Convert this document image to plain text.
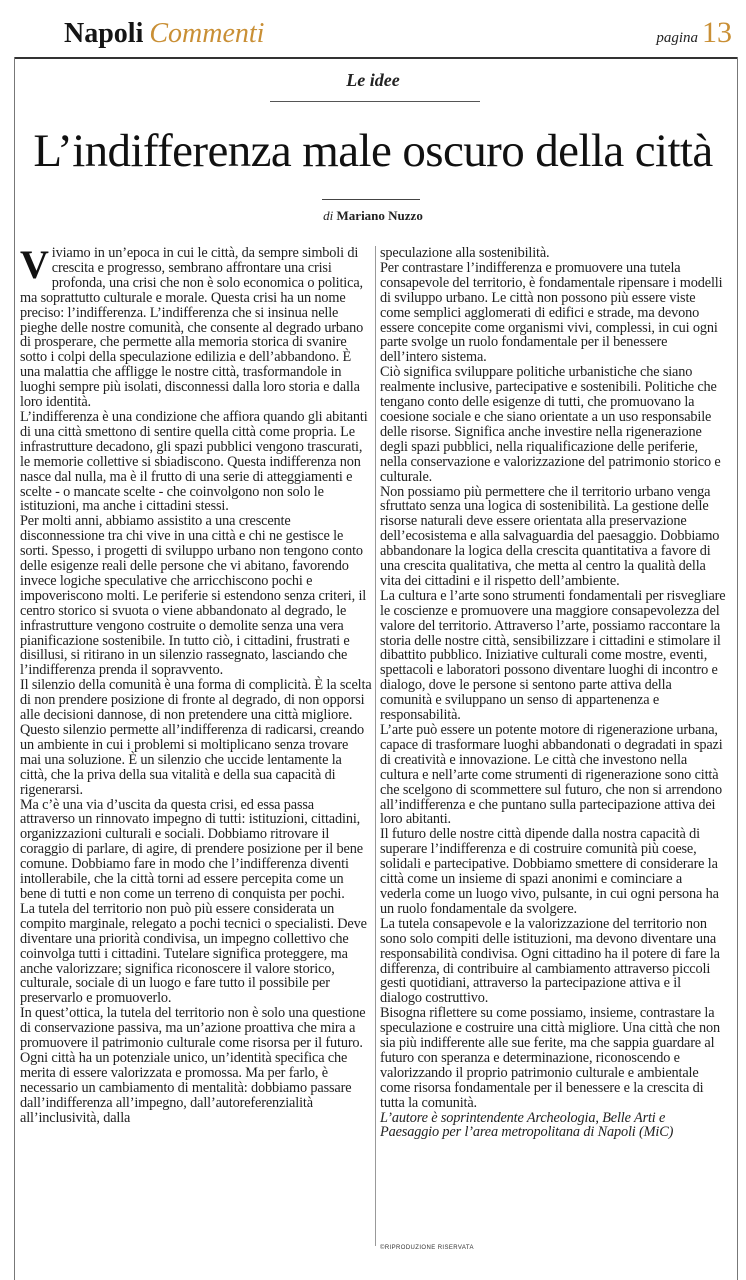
Napoli Commenti	pagina 13
Le idee
L’indifferenza male oscuro della città
di Mariano Nuzzo
V iviamo in un’epoca in cui le città, da sempre simboli di crescita e progresso, sembrano affrontare una crisi profonda, una crisi che non è solo economica o politica, ma soprattutto culturale e morale. Questa crisi ha un nome preciso: l’indifferenza. L’indifferenza che si insinua nelle pieghe delle nostre comunità, che consente al degrado urbano di prosperare, che permette alla memoria storica di svanire sotto i colpi della speculazione edilizia e dell’abbandono. È una malattia che affligge le nostre città, trasformandole in luoghi sempre più isolati, disconnessi dalla loro storia e dalla loro identità.

L’indifferenza è una condizione che affiora quando gli abitanti di una città smettono di sentire quella città come propria. Le infrastrutture decadono, gli spazi pubblici vengono trascurati, le memorie collettive si sbiadiscono. Questa indifferenza non nasce dal nulla, ma è il frutto di una serie di atteggiamenti e scelte - o mancate scelte - che coinvolgono non solo le istituzioni, ma anche i cittadini stessi.

Per molti anni, abbiamo assistito a una crescente disconnessione tra chi vive in una città e chi ne gestisce le sorti. Spesso, i progetti di sviluppo urbano non tengono conto delle esigenze reali delle persone che vi abitano, favorendo invece logiche speculative che arricchiscono pochi e impoveriscono molti. Le periferie si estendono senza criteri, il centro storico si svuota o viene abbandonato al degrado, le infrastrutture vengono costruite o demolite senza una vera pianificazione sostenibile. In tutto ciò, i cittadini, frustrati e disillusi, si ritirano in un silenzio rassegnato, lasciando che l’indifferenza prenda il sopravvento.

Il silenzio della comunità è una forma di complicità. È la scelta di non prendere posizione di fronte al degrado, di non opporsi alle decisioni dannose, di non pretendere una città migliore. Questo silenzio permette all’indifferenza di radicarsi, creando un ambiente in cui i problemi si moltiplicano senza trovare mai una soluzione. È un silenzio che uccide lentamente la città, che la priva della sua vitalità e della sua capacità di rigenerarsi.

Ma c’è una via d’uscita da questa crisi, ed essa passa attraverso un rinnovato impegno di tutti: istituzioni, cittadini, organizzazioni culturali e sociali. Dobbiamo ritrovare il coraggio di parlare, di agire, di prendere posizione per il bene comune. Dobbiamo fare in modo che l’indifferenza diventi intollerabile, che la città torni ad essere percepita come un bene di tutti e non come un terreno di conquista per pochi.

La tutela del territorio non può più essere considerata un compito marginale, relegato a pochi tecnici o specialisti. Deve diventare una priorità condivisa, un impegno collettivo che coinvolga tutti i cittadini. Tutelare significa proteggere, ma anche valorizzare; significa riconoscere il valore storico, culturale, sociale di un luogo e fare tutto il possibile per preservarlo e promuoverlo.

In quest’ottica, la tutela del territorio non è solo una questione di conservazione passiva, ma un’azione proattiva che mira a promuovere il patrimonio culturale come risorsa per il futuro. Ogni città ha un potenziale unico, un’identità specifica che merita di essere valorizzata e promossa. Ma per farlo, è necessario un cambiamento di mentalità: dobbiamo passare dall’indifferenza all’impegno, dall’autoreferenzialità all’inclusività, dalla

speculazione alla sostenibilità.

Per contrastare l’indifferenza e promuovere una tutela consapevole del territorio, è fondamentale ripensare i modelli di sviluppo urbano. Le città non possono più essere viste come semplici agglomerati di edifici e strade, ma devono essere concepite come organismi vivi, complessi, in cui ogni parte svolge un ruolo fondamentale per il benessere dell’intero sistema.

Ciò significa sviluppare politiche urbanistiche che siano realmente inclusive, partecipative e sostenibili. Politiche che tengano conto delle esigenze di tutti, che promuovano la coesione sociale e che siano orientate a un uso responsabile delle risorse. Significa anche investire nella rigenerazione degli spazi pubblici, nella riqualificazione delle periferie, nella conservazione e valorizzazione del patrimonio storico e culturale.

Non possiamo più permettere che il territorio urbano venga sfruttato senza una logica di sostenibilità. La gestione delle risorse naturali deve essere orientata alla preservazione dell’ecosistema e alla salvaguardia del paesaggio. Dobbiamo abbandonare la logica della crescita quantitativa a favore di una crescita qualitativa, che metta al centro la qualità della vita dei cittadini e il rispetto dell’ambiente.

La cultura e l’arte sono strumenti fondamentali per risvegliare le coscienze e promuovere una maggiore consapevolezza del valore del territorio. Attraverso l’arte, possiamo raccontare la storia delle nostre città, sensibilizzare i cittadini e stimolare il dibattito pubblico. Iniziative culturali come mostre, eventi, spettacoli e laboratori possono diventare luoghi di incontro e dialogo, dove le persone si sentono parte attiva della comunità e sviluppano un senso di appartenenza e responsabilità.

L’arte può essere un potente motore di rigenerazione urbana, capace di trasformare luoghi abbandonati o degradati in spazi di creatività e innovazione. Le città che investono nella cultura e nell’arte come strumenti di rigenerazione sono città che scelgono di scommettere sul futuro, che non si arrendono all’indifferenza e che puntano sulla partecipazione attiva dei loro abitanti.

Il futuro delle nostre città dipende dalla nostra capacità di superare l’indifferenza e di costruire comunità più coese, solidali e partecipative. Dobbiamo smettere di considerare la città come un insieme di spazi anonimi e cominciare a vederla come un luogo vivo, pulsante, in cui ogni persona ha un ruolo fondamentale da svolgere.

La tutela consapevole e la valorizzazione del territorio non sono solo compiti delle istituzioni, ma devono diventare una responsabilità condivisa. Ogni cittadino ha il potere di fare la differenza, di contribuire al cambiamento attraverso piccoli gesti quotidiani, attraverso la partecipazione attiva e il dialogo costruttivo.

Bisogna riflettere su come possiamo, insieme, contrastare la speculazione e costruire una città migliore. Una città che non sia più indifferente alle sue ferite, ma che sappia guardare al futuro con speranza e determinazione, riconoscendo e valorizzando il proprio patrimonio culturale e ambientale come risorsa fondamentale per il benessere e la crescita di tutta la comunità.

L’autore è soprintendente Archeologia, Belle Arti e Paesaggio per l’area metropolitana di Napoli (MiC)

©RIPRODUZIONE RISERVATA
